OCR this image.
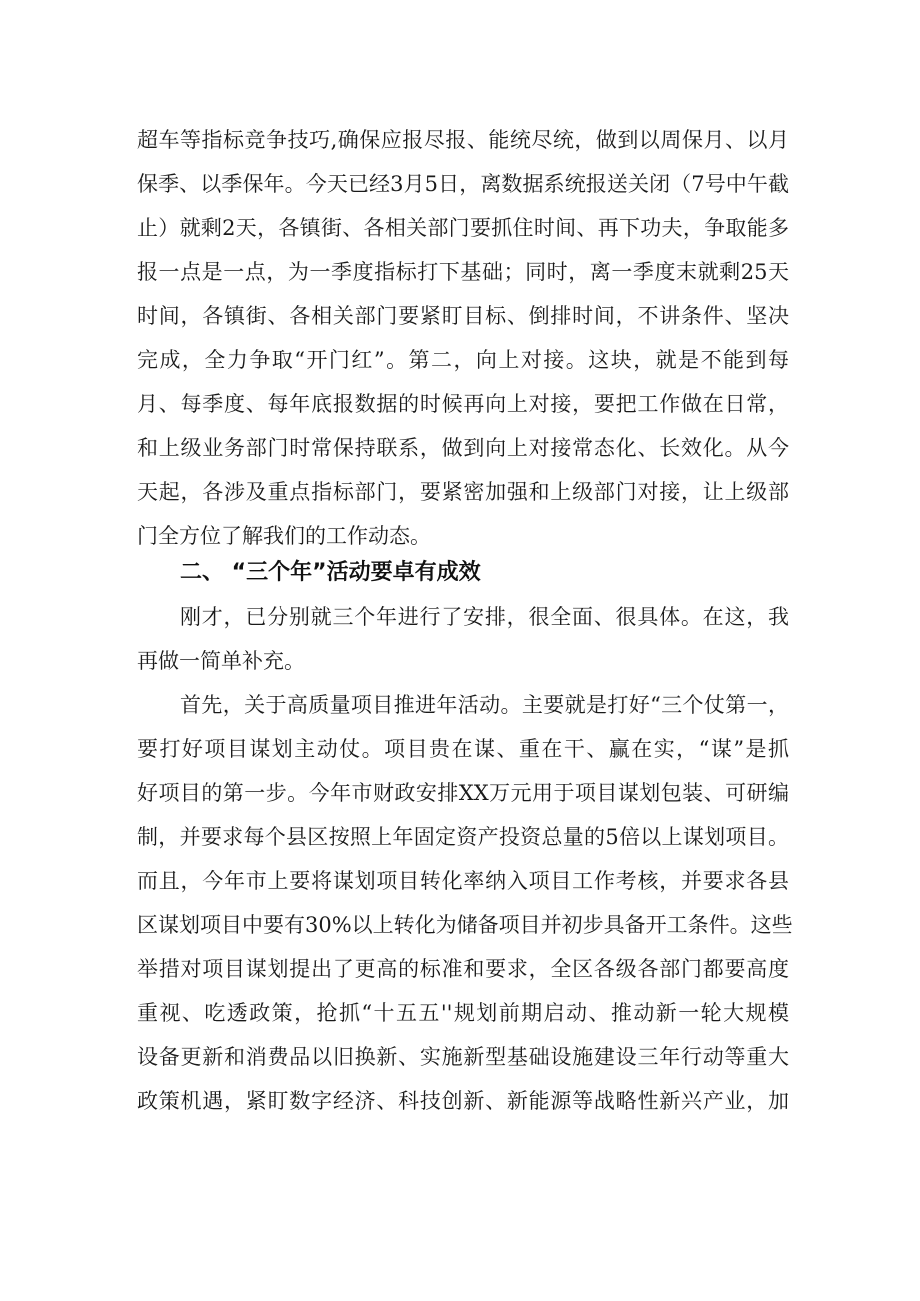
超车等指标竞争技巧,确保应报尽报、能统尽统，做到以周保月、以月
保季、以季保年。今天已经3月5日，离数据系统报送关闭（7号中午截
止）就剩2天，各镇街、各相关部门要抓住时间、再下功夫，争取能多
报一点是一点，为一季度指标打下基础；同时，离一季度末就剩25天
时间，各镇街、各相关部门要紧盯目标、倒排时间，不讲条件、坚决
完成，全力争取“开门红”。第二，向上对接。这块，就是不能到每
月、每季度、每年底报数据的时候再向上对接，要把工作做在日常，
和上级业务部门时常保持联系，做到向上对接常态化、长效化。从今
天起，各涉及重点指标部门，要紧密加强和上级部门对接，让上级部
门全方位了解我们的工作动态。
二、 “三个年”活动要卓有成效
刚才，已分别就三个年进行了安排，很全面、很具体。在这，我
再做一简单补充。
首先，关于高质量项目推进年活动。主要就是打好“三个仗第一，
要打好项目谋划主动仗。项目贵在谋、重在干、赢在实，“谋”是抓
好项目的第一步。今年市财政安排XX万元用于项目谋划包装、可研编
制，并要求每个县区按照上年固定资产投资总量的5倍以上谋划项目。
而且，今年市上要将谋划项目转化率纳入项目工作考核，并要求各县
区谋划项目中要有30%以上转化为储备项目并初步具备开工条件。这些
举措对项目谋划提出了更高的标准和要求，全区各级各部门都要高度
重视、吃透政策，抢抓“十五五''规划前期启动、推动新一轮大规模
设备更新和消费品以旧换新、实施新型基础设施建设三年行动等重大
政策机遇，紧盯数字经济、科技创新、新能源等战略性新兴产业，加
